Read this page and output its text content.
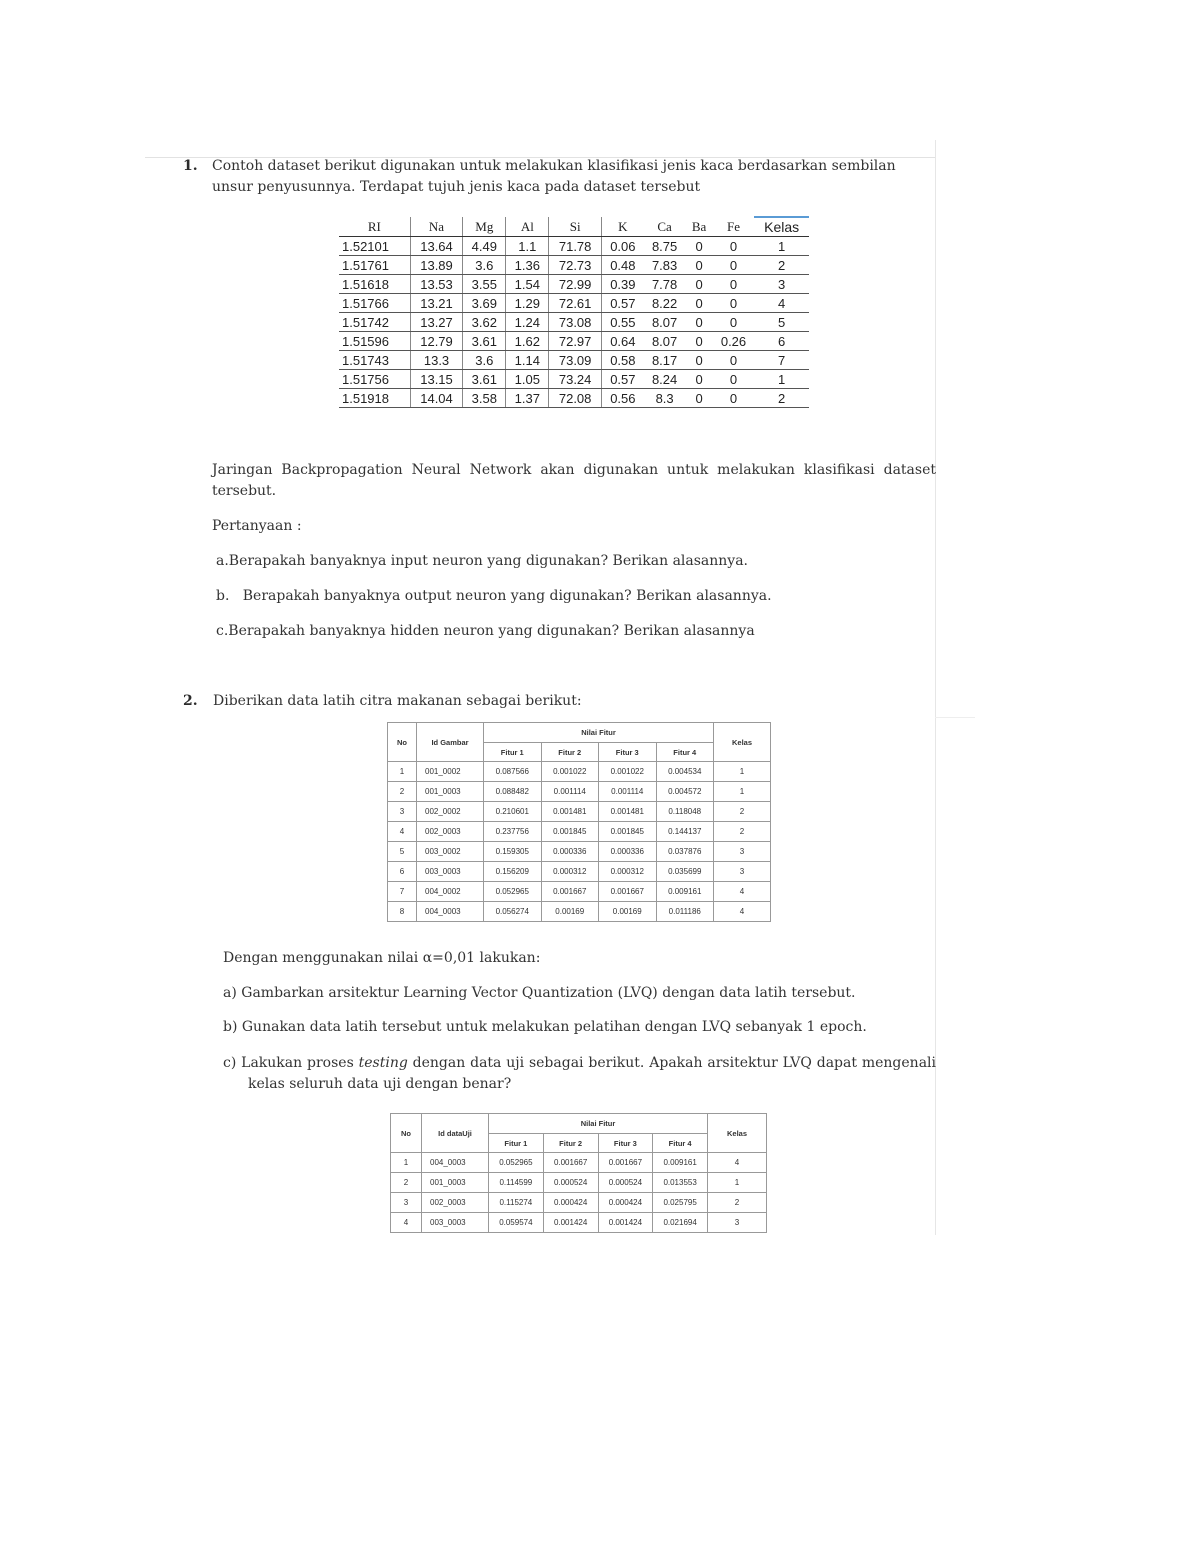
1. Contoh dataset berikut digunakan untuk melakukan klasifikasi jenis kaca berdasarkan sembilan

unsur penyusunnya. Terdapat tujuh jenis kaca pada dataset tersebut

RI	Na	Mg	Al	Si	K	Ca	Ba	Fe	Kelas
1.52101	13.64	4.49	1.1	71.78	0.06	8.75	0	0	1
1.51761	13.89	3.6	1.36	72.73	0.48	7.83	0	0	2
1.51618	13.53	3.55	1.54	72.99	0.39	7.78	0	0	3
1.51766	13.21	3.69	1.29	72.61	0.57	8.22	0	0	4
1.51742	13.27	3.62	1.24	73.08	0.55	8.07	0	0	5
1.51596	12.79	3.61	1.62	72.97	0.64	8.07	0	0.26	6
1.51743	13.3	3.6	1.14	73.09	0.58	8.17	0	0	7
1.51756	13.15	3.61	1.05	73.24	0.57	8.24	0	0	1
1.51918	14.04	3.58	1.37	72.08	0.56	8.3	0	0	2

Jaringan Backpropagation Neural Network akan digunakan untuk melakukan klasifikasi dataset

tersebut.

Pertanyaan :
a.Berapakah banyaknya input neuron yang digunakan? Berikan alasannya.
b.   Berapakah banyaknya output neuron yang digunakan? Berikan alasannya.
c.Berapakah banyaknya hidden neuron yang digunakan? Berikan alasannya
2. Diberikan data latih citra makanan sebagai berikut:
No	Id Gambar	Nilai Fitur				Kelas
		Fitur 1	Fitur 2	Fitur 3	Fitur 4	
1	001_0002	0.087566	0.001022	0.001022	0.004534	1
2	001_0003	0.088482	0.001114	0.001114	0.004572	1
3	002_0002	0.210601	0.001481	0.001481	0.118048	2
4	002_0003	0.237756	0.001845	0.001845	0.144137	2
5	003_0002	0.159305	0.000336	0.000336	0.037876	3
6	003_0003	0.156209	0.000312	0.000312	0.035699	3
7	004_0002	0.052965	0.001667	0.001667	0.009161	4
8	004_0003	0.056274	0.00169	0.00169	0.011186	4
Dengan menggunakan nilai α=0,01 lakukan:
a) Gambarkan arsitektur Learning Vector Quantization (LVQ) dengan data latih tersebut.
b) Gunakan data latih tersebut untuk melakukan pelatihan dengan LVQ sebanyak 1 epoch.

c) Lakukan proses testing dengan data uji sebagai berikut. Apakah arsitektur LVQ dapat mengenali

kelas seluruh data uji dengan benar?

No	Id dataUji	Nilai Fitur				Kelas
		Fitur 1	Fitur 2	Fitur 3	Fitur 4	
1	004_0003	0.052965	0.001667	0.001667	0.009161	4
2	001_0003	0.114599	0.000524	0.000524	0.013553	1
3	002_0003	0.115274	0.000424	0.000424	0.025795	2
4	003_0003	0.059574	0.001424	0.001424	0.021694	3
